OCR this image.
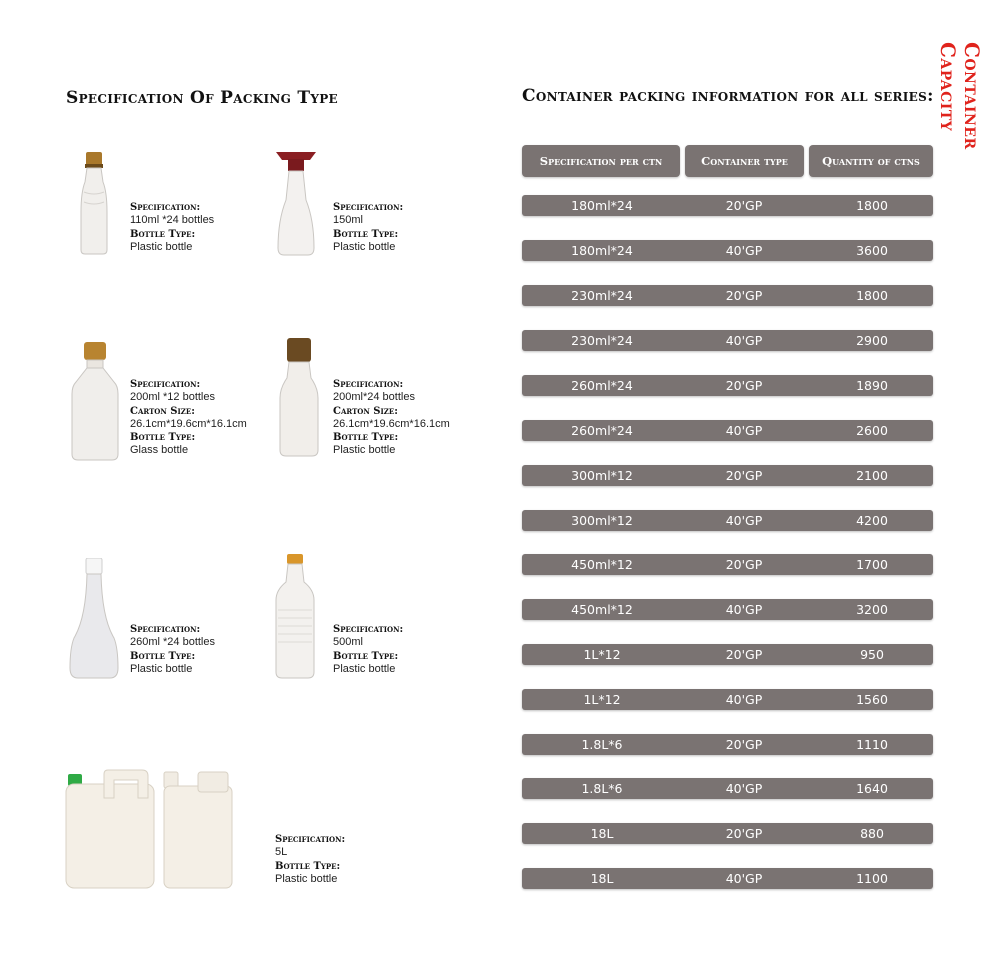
Specification Of Packing Type	Container packing information for all series:	Container Capacity
Specification:
110ml *24 bottles
Bottle Type:
Plastic bottle
Specification:
150ml
Bottle Type:
Plastic bottle
Specification:
200ml *12 bottles
Carton Size:
26.1cm*19.6cm*16.1cm
Bottle Type:
Glass bottle
Specification:
200ml*24 bottles
Carton Size:
26.1cm*19.6cm*16.1cm
Bottle Type:
Plastic bottle
Specification:
260ml *24 bottles
Bottle Type:
Plastic bottle
Specification:
500ml
Bottle Type:
Plastic bottle
Specification:
5L
Bottle Type:
Plastic bottle
Specification per ctn	Container type	Quantity of ctns
180ml*24	20'GP	1800
180ml*24	40'GP	3600
230ml*24	20'GP	1800
230ml*24	40'GP	2900
260ml*24	20'GP	1890
260ml*24	40'GP	2600
300ml*12	20'GP	2100
300ml*12	40'GP	4200
450ml*12	20'GP	1700
450ml*12	40'GP	3200
1L*12	20'GP	950
1L*12	40'GP	1560
1.8L*6	20'GP	1110
1.8L*6	40'GP	1640
18L	20'GP	880
18L	40'GP	1100
